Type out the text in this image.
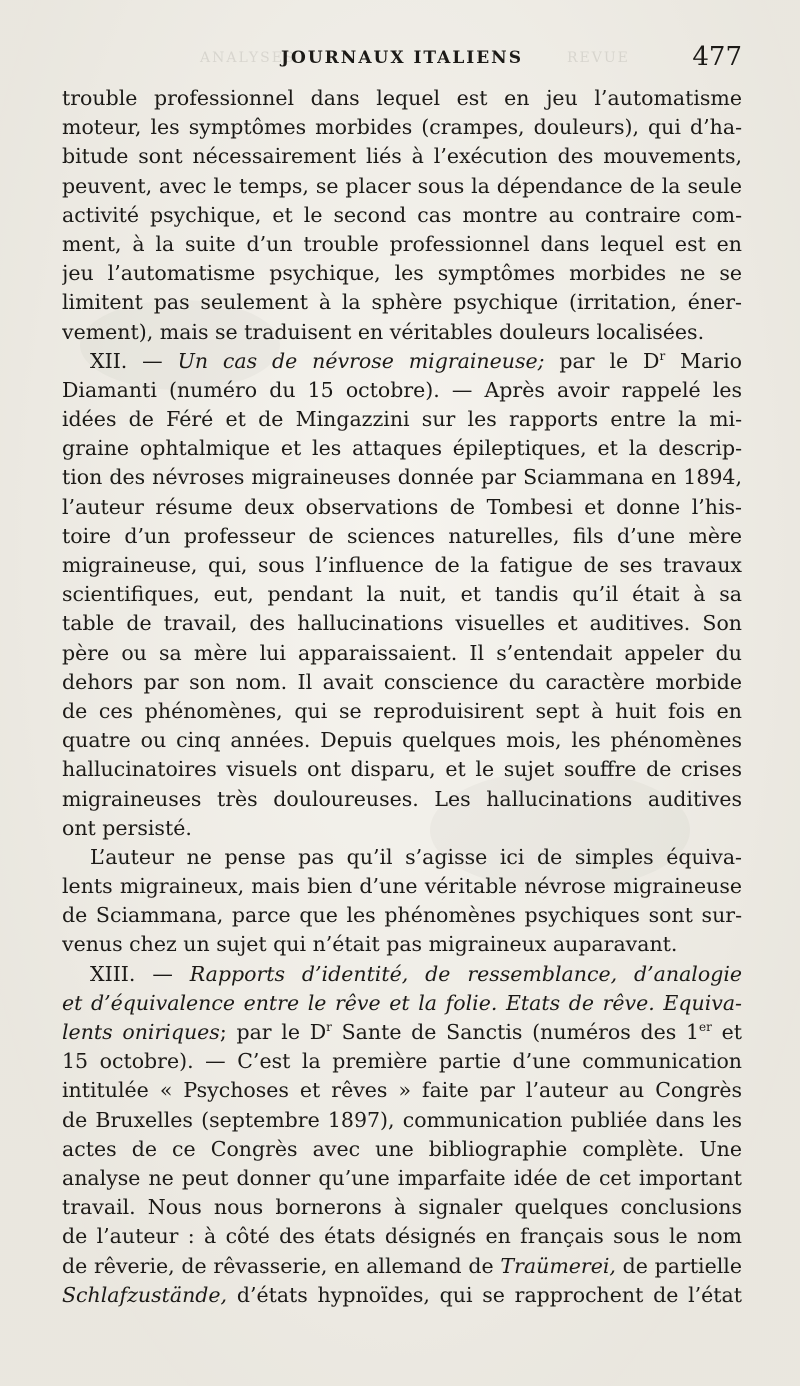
ANALYSES	REVUE
JOURNAUX ITALIENS	477
trouble professionnel dans lequel est en jeu l’automatisme
moteur, les symptômes morbides (crampes, douleurs), qui d’ha-
bitude sont nécessairement liés à l’exécution des mouvements,
peuvent, avec le temps, se placer sous la dépendance de la seule
activité psychique, et le second cas montre au contraire com-
ment, à la suite d’un trouble professionnel dans lequel est en
jeu l’automatisme psychique, les symptômes morbides ne se
limitent pas seulement à la sphère psychique (irritation, éner-
vement), mais se traduisent en véritables douleurs localisées.
XII. — Un cas de névrose migraineuse; par le $D^r$ Mario
Diamanti (numéro du 15 octobre). — Après avoir rappelé les
idées de Féré et de Mingazzini sur les rapports entre la mi-
graine ophtalmique et les attaques épileptiques, et la descrip-
tion des névroses migraineuses donnée par Sciammana en 1894,
l’auteur résume deux observations de Tombesi et donne l’his-
toire d’un professeur de sciences naturelles, fils d’une mère
migraineuse, qui, sous l’influence de la fatigue de ses travaux
scientifiques, eut, pendant la nuit, et tandis qu’il était à sa
table de travail, des hallucinations visuelles et auditives. Son
père ou sa mère lui apparaissaient. Il s’entendait appeler du
dehors par son nom. Il avait conscience du caractère morbide
de ces phénomènes, qui se reproduisirent sept à huit fois en
quatre ou cinq années. Depuis quelques mois, les phénomènes
hallucinatoires visuels ont disparu, et le sujet souffre de crises
migraineuses très douloureuses. Les hallucinations auditives
ont persisté.
L’auteur ne pense pas qu’il s’agisse ici de simples équiva-
lents migraineux, mais bien d’une véritable névrose migraineuse
de Sciammana, parce que les phénomènes psychiques sont sur-
venus chez un sujet qui n’était pas migraineux auparavant.
XIII. — Rapports d’identité, de ressemblance, d’analogie
et d’équivalence entre le rêve et la folie. Etats de rêve. Equiva-
lents oniriques; par le $D^r$ Sante de Sanctis (numéros des 1er et
15 octobre). — C’est la première partie d’une communication
intitulée « Psychoses et rêves » faite par l’auteur au Congrès
de Bruxelles (septembre 1897), communication publiée dans les
actes de ce Congrès avec une bibliographie complète. Une
analyse ne peut donner qu’une imparfaite idée de cet important
travail. Nous nous bornerons à signaler quelques conclusions
de l’auteur : à côté des états désignés en français sous le nom
de rêverie, de rêvasserie, en allemand de Traümerei, de partielle
Schlafzustände, d’états hypnoïdes, qui se rapprochent de l’état
